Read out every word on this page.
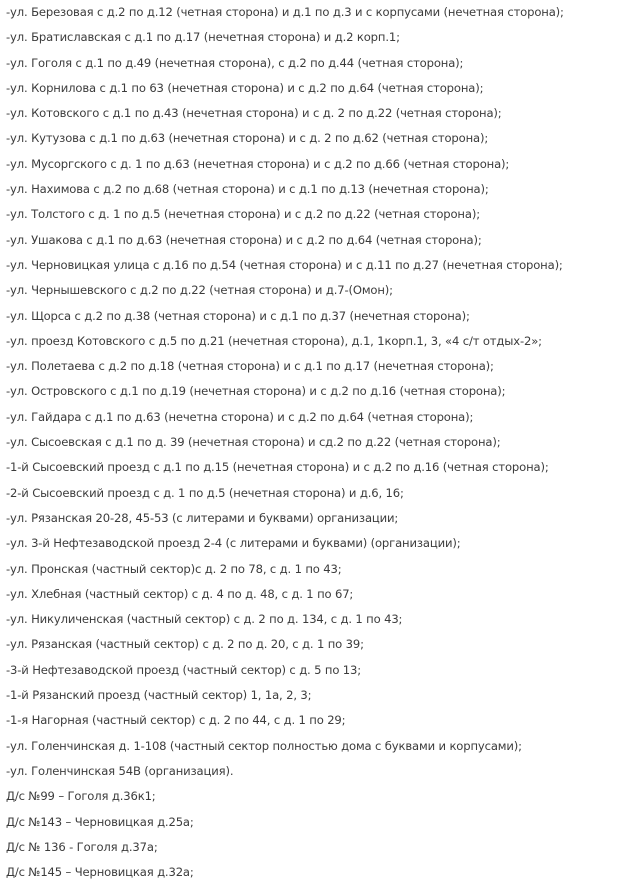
-ул. Березовая с д.2 по д.12 (четная сторона) и д.1 по д.3 и с корпусами (нечетная сторона);
-ул. Братиславская с д.1 по д.17 (нечетная сторона) и д.2 корп.1;
-ул. Гоголя с д.1 по д.49 (нечетная сторона), с д.2 по д.44 (четная сторона);
-ул. Корнилова с д.1 по 63 (нечетная сторона) и с д.2 по д.64 (четная сторона);
-ул. Котовского с д.1 по д.43 (нечетная сторона) и с д. 2 по д.22 (четная сторона);
-ул. Кутузова с д.1 по д.63 (нечетная сторона) и с д. 2 по д.62 (четная сторона);
-ул. Мусоргского с д. 1 по д.63 (нечетная сторона) и с д.2 по д.66 (четная сторона);
-ул. Нахимова с д.2 по д.68 (четная сторона) и с д.1 по д.13 (нечетная сторона);
-ул. Толстого с д. 1 по д.5 (нечетная сторона) и с д.2 по д.22 (четная сторона);
-ул. Ушакова с д.1 по д.63 (нечетная сторона) и с д.2 по д.64 (четная сторона);
-ул. Черновицкая улица с д.16 по д.54 (четная сторона) и с д.11 по д.27 (нечетная сторона);
-ул. Чернышевского с д.2 по д.22 (четная сторона) и д.7-(Омон);
-ул. Щорса с д.2 по д.38 (четная сторона) и с д.1 по д.37 (нечетная сторона);
-ул. проезд Котовского с д.5 по д.21 (нечетная сторона), д.1, 1корп.1, 3, «4 с/т отдых-2»;
-ул. Полетаева с д.2 по д.18 (четная сторона) и с д.1 по д.17 (нечетная сторона);
-ул. Островского с д.1 по д.19 (нечетная сторона) и с д.2 по д.16 (четная сторона);
-ул. Гайдара с д.1 по д.63 (нечетна сторона) и с д.2 по д.64 (четная сторона);
-ул. Сысоевская с д.1 по д. 39 (нечетная сторона) и сд.2 по д.22 (четная сторона);
-1-й Сысоевский проезд с д.1 по д.15 (нечетная сторона) и с д.2 по д.16 (четная сторона);
-2-й Сысоевский проезд с д. 1 по д.5 (нечетная сторона) и д.6, 16;
-ул. Рязанская 20-28, 45-53 (с литерами и буквами) организации;
-ул. 3-й Нефтезаводской проезд 2-4 (с литерами и буквами) (организации);
-ул. Пронская (частный сектор)с д. 2 по 78, с д. 1 по 43;
-ул. Хлебная (частный сектор) с д. 4 по д. 48, с д. 1 по 67;
-ул. Никуличенская (частный сектор) с д. 2 по д. 134, с д. 1 по 43;
-ул. Рязанская (частный сектор) с д. 2 по д. 20, с д. 1 по 39;
-3-й Нефтезаводской проезд (частный сектор) с д. 5 по 13;
-1-й Рязанский проезд (частный сектор) 1, 1а, 2, 3;
-1-я Нагорная (частный сектор) с д. 2 по 44, с д. 1 по 29;
-ул. Голенчинская д. 1-108 (частный сектор полностью дома с буквами и корпусами);
-ул. Голенчинская 54В (организация).
Д/с №99 – Гоголя д.36к1;
Д/с №143 – Черновицкая д.25а;
Д/с № 136 - Гоголя д.37а;
Д/с №145 – Черновицкая д.32а;
